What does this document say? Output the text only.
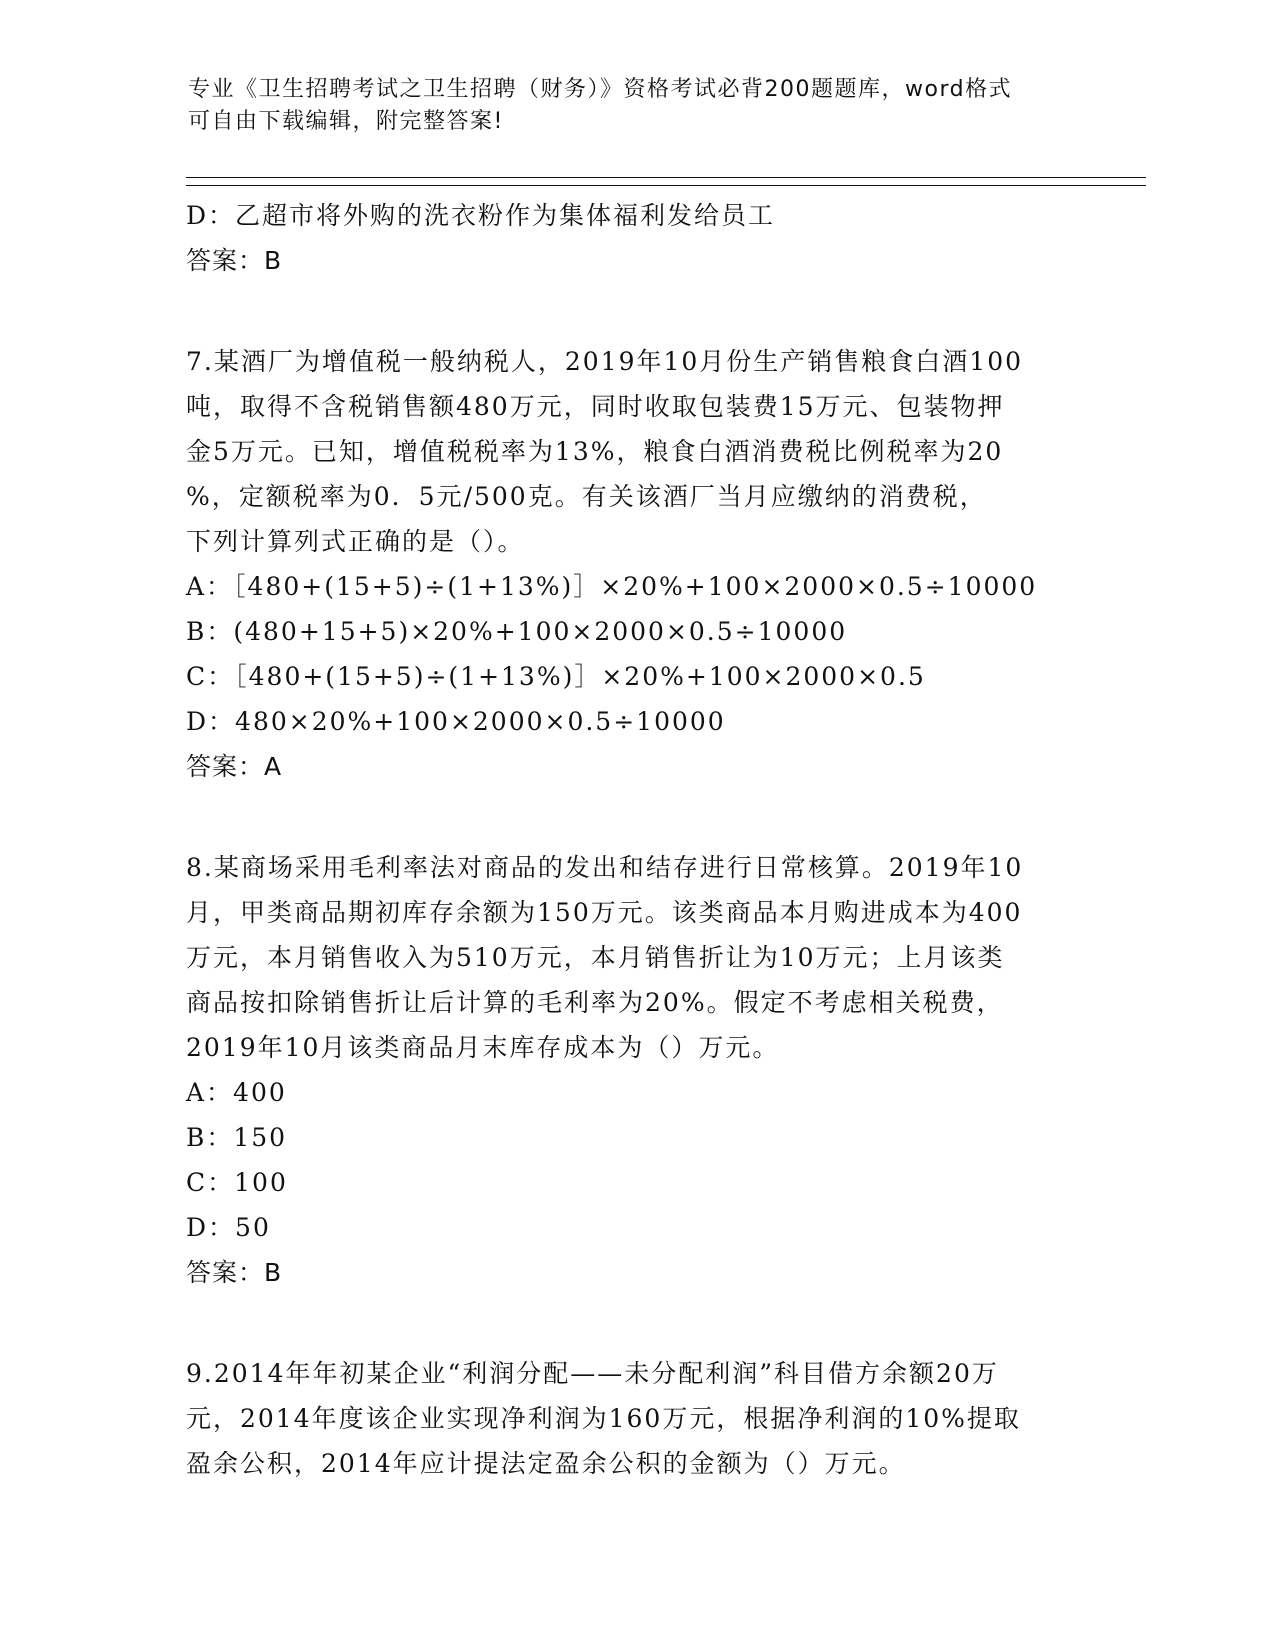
专业《卫生招聘考试之卫生招聘（财务）》资格考试必背200题题库，word格式
可自由下载编辑，附完整答案!
D：乙超市将外购的洗衣粉作为集体福利发给员工
答案：B
7.某酒厂为增值税一般纳税人，2019年10月份生产销售粮食白酒100
吨，取得不含税销售额480万元，同时收取包装费15万元、包装物押
金5万元。已知，增值税税率为13%，粮食白酒消费税比例税率为20
%，定额税率为0．5元/500克。有关该酒厂当月应缴纳的消费税，
下列计算列式正确的是（）。
A：［480+(15+5)÷(1+13%)］×20%+100×2000×0.5÷10000
B：(480+15+5)×20%+100×2000×0.5÷10000
C：［480+(15+5)÷(1+13%)］×20%+100×2000×0.5
D：480×20%+100×2000×0.5÷10000
答案：A
8.某商场采用毛利率法对商品的发出和结存进行日常核算。2019年10
月，甲类商品期初库存余额为150万元。该类商品本月购进成本为400
万元，本月销售收入为510万元，本月销售折让为10万元；上月该类
商品按扣除销售折让后计算的毛利率为20%。假定不考虑相关税费，
2019年10月该类商品月末库存成本为（）万元。
A：400
B：150
C：100
D：50
答案：B
9.2014年年初某企业“利润分配——未分配利润”科目借方余额20万
元，2014年度该企业实现净利润为160万元，根据净利润的10%提取
盈余公积，2014年应计提法定盈余公积的金额为（）万元。
